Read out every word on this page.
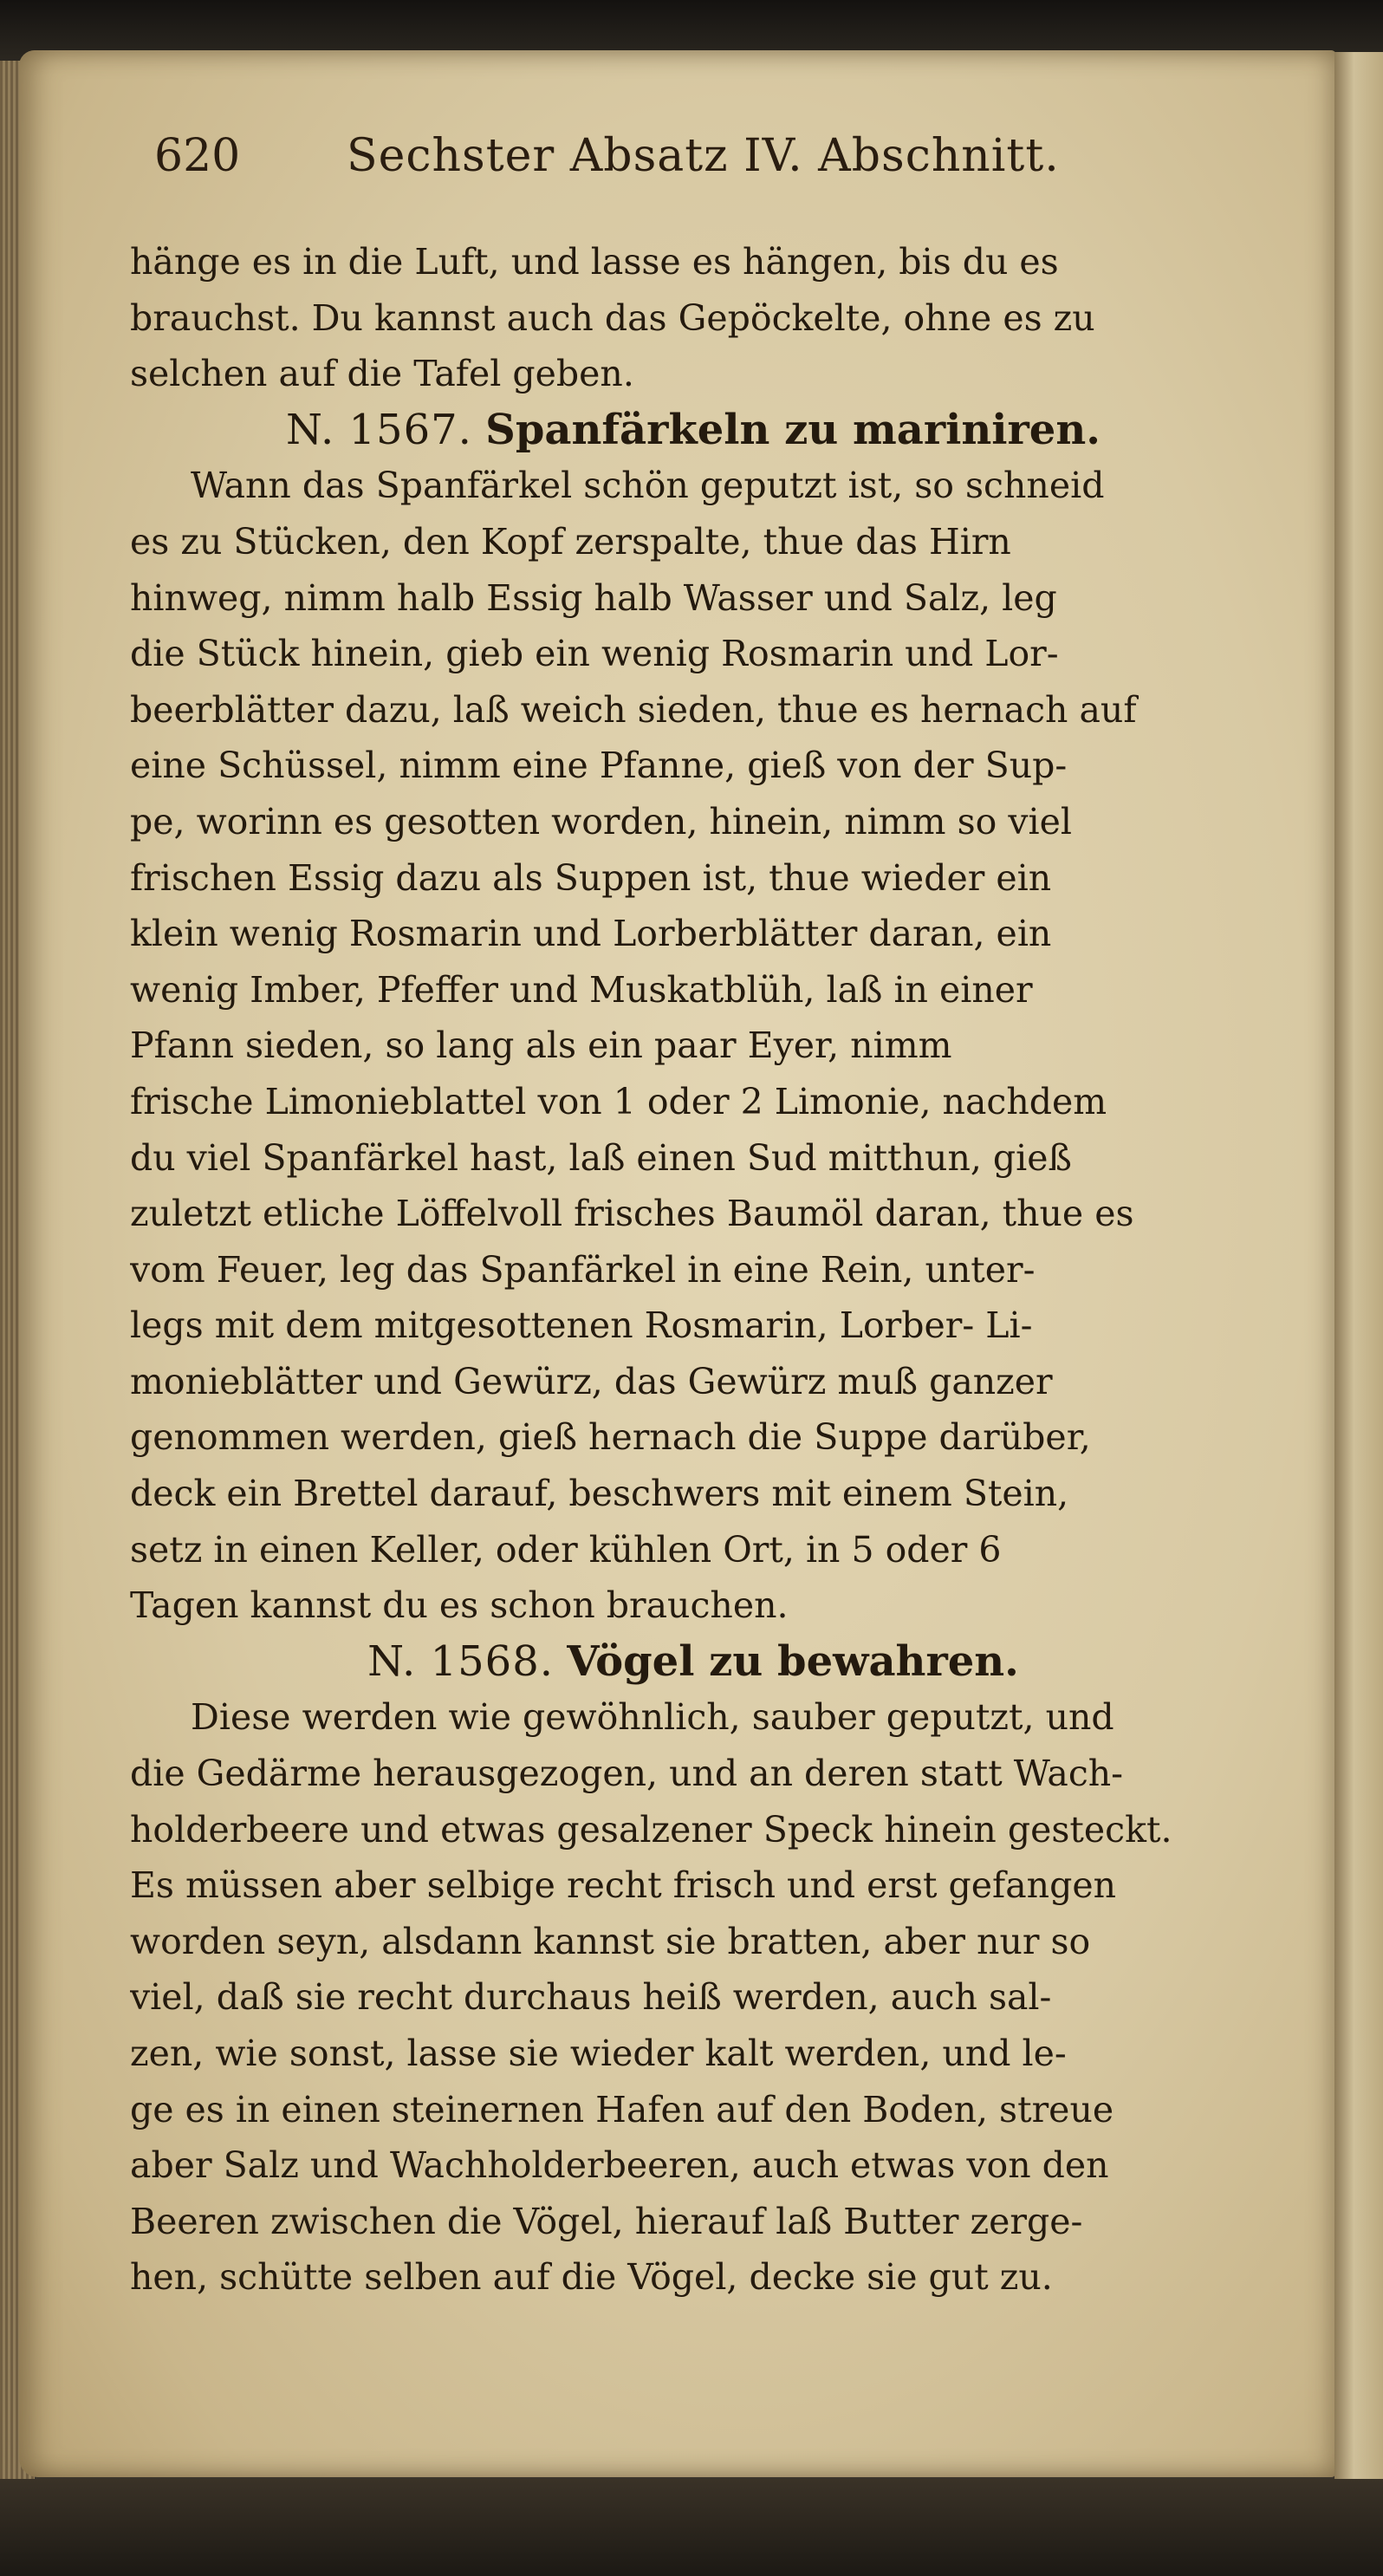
620 Sechster Absatz IV. Abschnitt.
hänge es in die Luft, und lasse es hängen, bis du es
brauchst. Du kannst auch das Gepöckelte, ohne es zu
selchen auf die Tafel geben.
N. 1567. Spanfärkeln zu mariniren.
Wann das Spanfärkel schön geputzt ist, so schneid
es zu Stücken, den Kopf zerspalte, thue das Hirn
hinweg, nimm halb Essig halb Wasser und Salz, leg
die Stück hinein, gieb ein wenig Rosmarin und Lor-
beerblätter dazu, laß weich sieden, thue es hernach auf
eine Schüssel, nimm eine Pfanne, gieß von der Sup-
pe, worinn es gesotten worden, hinein, nimm so viel
frischen Essig dazu als Suppen ist, thue wieder ein
klein wenig Rosmarin und Lorberblätter daran, ein
wenig Imber, Pfeffer und Muskatblüh, laß in einer
Pfann sieden, so lang als ein paar Eyer, nimm
frische Limonieblattel von 1 oder 2 Limonie, nachdem
du viel Spanfärkel hast, laß einen Sud mitthun, gieß
zuletzt etliche Löffelvoll frisches Baumöl daran, thue es
vom Feuer, leg das Spanfärkel in eine Rein, unter-
legs mit dem mitgesottenen Rosmarin, Lorber- Li-
monieblätter und Gewürz, das Gewürz muß ganzer
genommen werden, gieß hernach die Suppe darüber,
deck ein Brettel darauf, beschwers mit einem Stein,
setz in einen Keller, oder kühlen Ort, in 5 oder 6
Tagen kannst du es schon brauchen.
N. 1568. Vögel zu bewahren.
Diese werden wie gewöhnlich, sauber geputzt, und
die Gedärme herausgezogen, und an deren statt Wach-
holderbeere und etwas gesalzener Speck hinein gesteckt.
Es müssen aber selbige recht frisch und erst gefangen
worden seyn, alsdann kannst sie bratten, aber nur so
viel, daß sie recht durchaus heiß werden, auch sal-
zen, wie sonst, lasse sie wieder kalt werden, und le-
ge es in einen steinernen Hafen auf den Boden, streue
aber Salz und Wachholderbeeren, auch etwas von den
Beeren zwischen die Vögel, hierauf laß Butter zerge-
hen, schütte selben auf die Vögel, decke sie gut zu.
